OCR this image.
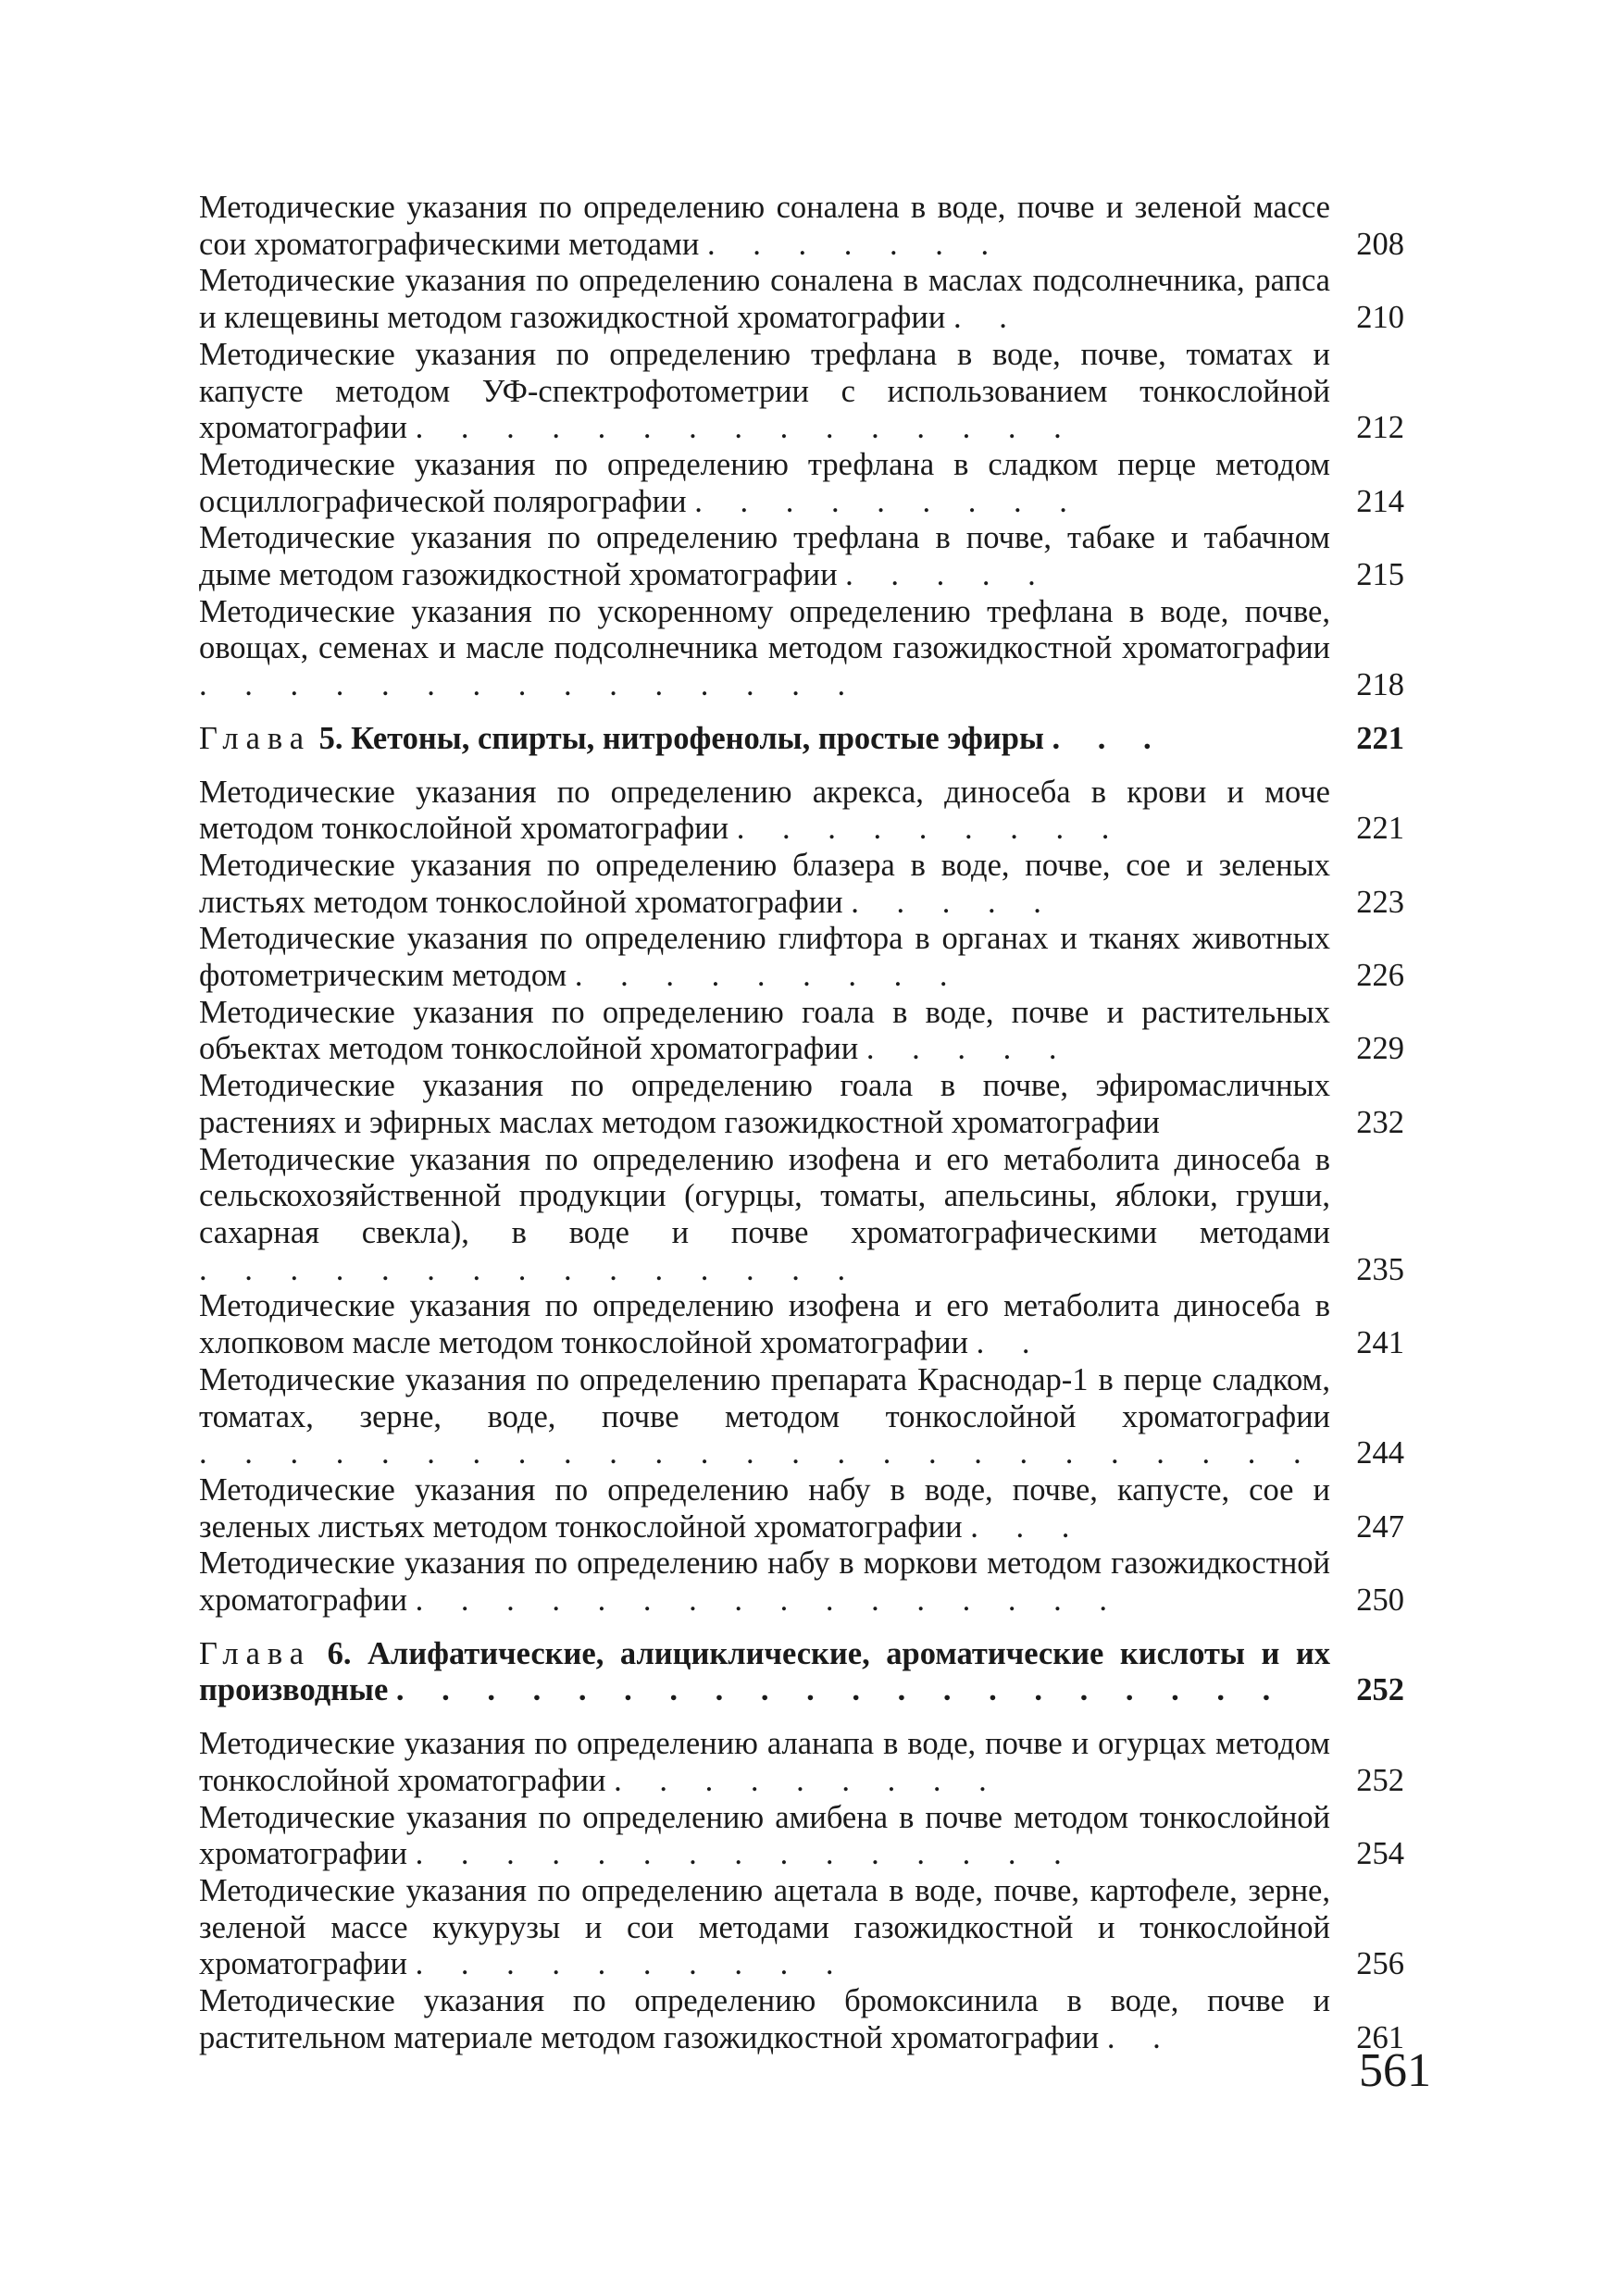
Методические указания по определению соналена в воде, почве и зеленой массе сои хроматографическими методами . . . . . . .	208
Методические указания по определению соналена в маслах подсолнечника, рапса и клещевины методом газожидкостной хроматографии . .	210
Методические указания по определению трефлана в воде, почве, томатах и капусте методом УФ-спектрофотометрии с использованием тонкослойной хроматографии . . . . . . . . . . . . . . .	212
Методические указания по определению трефлана в сладком перце методом осциллографической полярографии . . . . . . . . .	214
Методические указания по определению трефлана в почве, табаке и табачном дыме методом газожидкостной хроматографии . . . . .	215
Методические указания по ускоренному определению трефлана в воде, почве, овощах, семенах и масле подсолнечника методом газожидкостной хроматографии . . . . . . . . . . . . . . .	218
Глава 5. Кетоны, спирты, нитрофенолы, простые эфиры . . .	221
Методические указания по определению акрекса, диносеба в крови и моче методом тонкослойной хроматографии . . . . . . . . .	221
Методические указания по определению блазера в воде, почве, сое и зеленых листьях методом тонкослойной хроматографии . . . . .	223
Методические указания по определению глифтора в органах и тканях животных фотометрическим методом . . . . . . . . .	226
Методические указания по определению гоала в воде, почве и растительных объектах методом тонкослойной хроматографии . . . . .	229
Методические указания по определению гоала в почве, эфиромасличных растениях и эфирных маслах методом газожидкостной хроматографии	232
Методические указания по определению изофена и его метаболита диносеба в сельскохозяйственной продукции (огурцы, томаты, апельсины, яблоки, груши, сахарная свекла), в воде и почве хроматографическими методами . . . . . . . . . . . . . . .	235
Методические указания по определению изофена и его метаболита диносеба в хлопковом масле методом тонкослойной хроматографии . .	241
Методические указания по определению препарата Краснодар-1 в перце сладком, томатах, зерне, воде, почве методом тонкослойной хроматографии . . . . . . . . . . . . . . . . . . . . . . . . .	244
Методические указания по определению набу в воде, почве, капусте, сое и зеленых листьях методом тонкослойной хроматографии . . .	247
Методические указания по определению набу в моркови методом газожидкостной хроматографии . . . . . . . . . . . . . . . .	250
Глава 6. Алифатические, алициклические, ароматические кислоты и их производные . . . . . . . . . . . . . . . . . . . .	252
Методические указания по определению аланапа в воде, почве и огурцах методом тонкослойной хроматографии . . . . . . . . .	252
Методические указания по определению амибена в почве методом тонкослойной хроматографии . . . . . . . . . . . . . . .	254
Методические указания по определению ацетала в воде, почве, картофеле, зерне, зеленой массе кукурузы и сои методами газожидкостной и тонкослойной хроматографии . . . . . . . . . .	256
Методические указания по определению бромоксинила в воде, почве и растительном материале методом газожидкостной хроматографии . .	261
561
